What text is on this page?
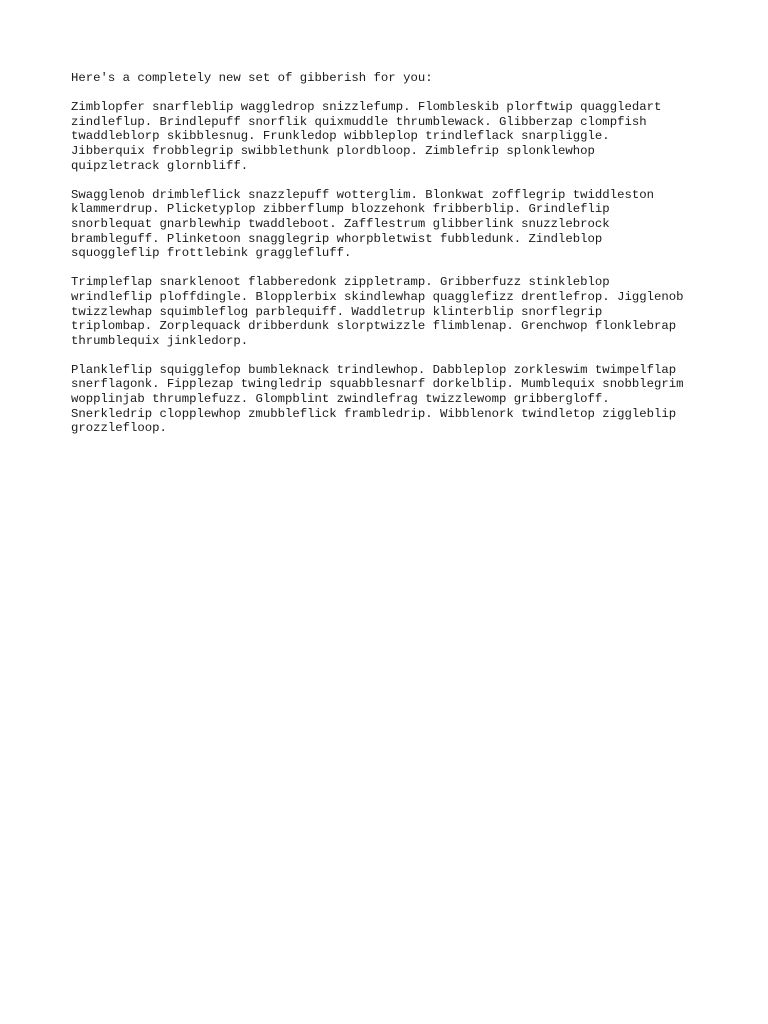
Here's a completely new set of gibberish for you:

Zimblopfer snarfleblip waggledrop snizzlefump. Flombleskib plorftwip quaggledart
zindleflup. Brindlepuff snorflik quixmuddle thrumblewack. Glibberzap clompfish
twaddleblorp skibblesnug. Frunkledop wibbleplop trindleflack snarpliggle.
Jibberquix frobblegrip swibblethunk plordbloop. Zimblefrip splonklewhop
quipzletrack glornbliff.

Swagglenob drimbleflick snazzlepuff wotterglim. Blonkwat zofflegrip twiddleston
klammerdrup. Plicketyplop zibberflump blozzehonk fribberblip. Grindleflip
snorblequat gnarblewhip twaddleboot. Zafflestrum glibberlink snuzzlebrock
brambleguff. Plinketoon snagglegrip whorpbletwist fubbledunk. Zindleblop
squoggleflip frottlebink gragglefluff.

Trimpleflap snarklenoot flabberedonk zippletramp. Gribberfuzz stinkleblop
wrindleflip ploffdingle. Blopplerbix skindlewhap quagglefizz drentlefrop. Jigglenob
twizzlewhap squimbleflog parblequiff. Waddletrup klinterblip snorflegrip
triplombap. Zorplequack dribberdunk slorptwizzle flimblenap. Grenchwop flonklebrap
thrumblequix jinkledorp.

Plankleflip squigglefop bumbleknack trindlewhop. Dabbleplop zorkleswim twimpelflap
snerflagonk. Fipplezap twingledrip squabblesnarf dorkelblip. Mumblequix snobblegrim
wopplinjab thrumplefuzz. Glompblint zwindlefrag twizzlewomp gribbergloff.
Snerkledrip clopplewhop zmubbleflick frambledrip. Wibblenork twindletop ziggleblip
grozzlefloop.
